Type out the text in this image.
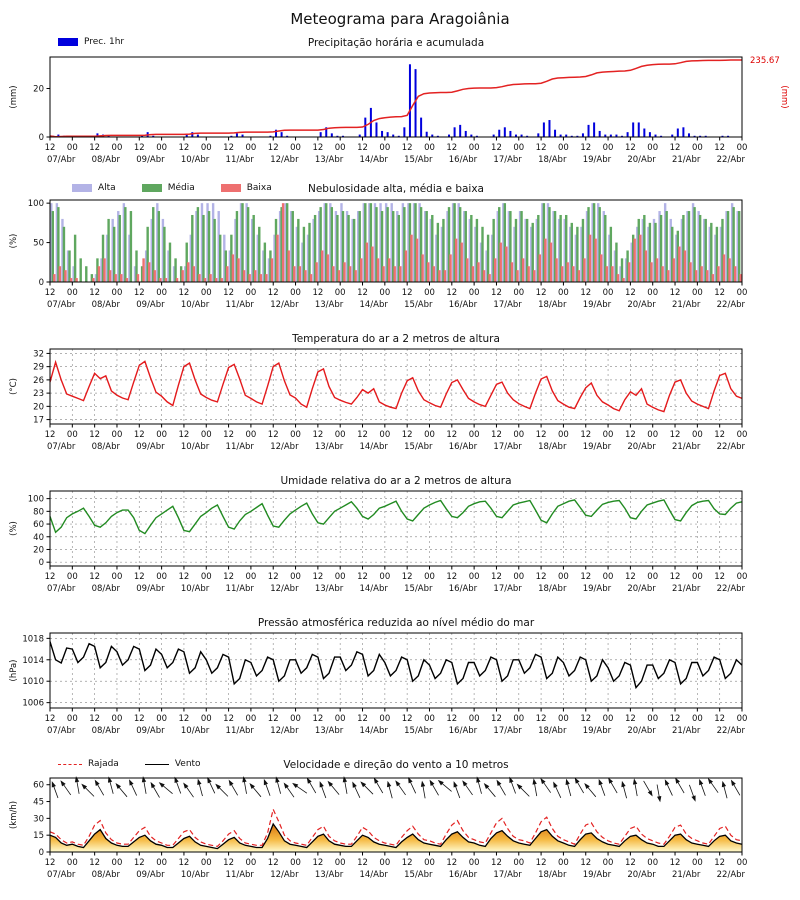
Meteograma para Aragoiânia
Prec. 1hr	Precipitação horária e acumulada
Alta	Média	Baixa	Nebulosidade alta, média e baixa
Temperatura do ar a 2 metros de altura
Umidade relativa do ar a 2 metros de altura
Pressão atmosférica reduzida ao nível médio do mar
Rajada	Vento	Velocidade e direção do vento a 10 metros
235.67
(mm)
12 00 12 00 12 00 12 00 12 00 12 00 12 00 12 00 12 00 12 00 12 00 12 00 12 00 12 00 12 00 12 00
07/Abr 08/Abr 09/Abr 10/Abr 11/Abr 12/Abr 13/Abr 14/Abr 15/Abr 16/Abr 17/Abr 18/Abr 19/Abr 20/Abr 21/Abr 22/Abr
0
20
(mm)
12 00 12 00 12 00 12 00 12 00 12 00 12 00 12 00 12 00 12 00 12 00 12 00 12 00 12 00 12 00 12 00
07/Abr 08/Abr 09/Abr 10/Abr 11/Abr 12/Abr 13/Abr 14/Abr 15/Abr 16/Abr 17/Abr 18/Abr 19/Abr 20/Abr 21/Abr 22/Abr
0
50
100
(%)
12 00 12 00 12 00 12 00 12 00 12 00 12 00 12 00 12 00 12 00 12 00 12 00 12 00 12 00 12 00 12 00
07/Abr 08/Abr 09/Abr 10/Abr 11/Abr 12/Abr 13/Abr 14/Abr 15/Abr 16/Abr 17/Abr 18/Abr 19/Abr 20/Abr 21/Abr 22/Abr
17
20
23
26
29
32
(°C)
12 00 12 00 12 00 12 00 12 00 12 00 12 00 12 00 12 00 12 00 12 00 12 00 12 00 12 00 12 00 12 00
07/Abr 08/Abr 09/Abr 10/Abr 11/Abr 12/Abr 13/Abr 14/Abr 15/Abr 16/Abr 17/Abr 18/Abr 19/Abr 20/Abr 21/Abr 22/Abr
0
20
40
60
80
100
(%)
12 00 12 00 12 00 12 00 12 00 12 00 12 00 12 00 12 00 12 00 12 00 12 00 12 00 12 00 12 00 12 00
07/Abr 08/Abr 09/Abr 10/Abr 11/Abr 12/Abr 13/Abr 14/Abr 15/Abr 16/Abr 17/Abr 18/Abr 19/Abr 20/Abr 21/Abr 22/Abr
1006
1010
1014
1018
(hPa)
12 00 12 00 12 00 12 00 12 00 12 00 12 00 12 00 12 00 12 00 12 00 12 00 12 00 12 00 12 00 12 00
07/Abr 08/Abr 09/Abr 10/Abr 11/Abr 12/Abr 13/Abr 14/Abr 15/Abr 16/Abr 17/Abr 18/Abr 19/Abr 20/Abr 21/Abr 22/Abr
0
15
30
45
60
(km/h)
